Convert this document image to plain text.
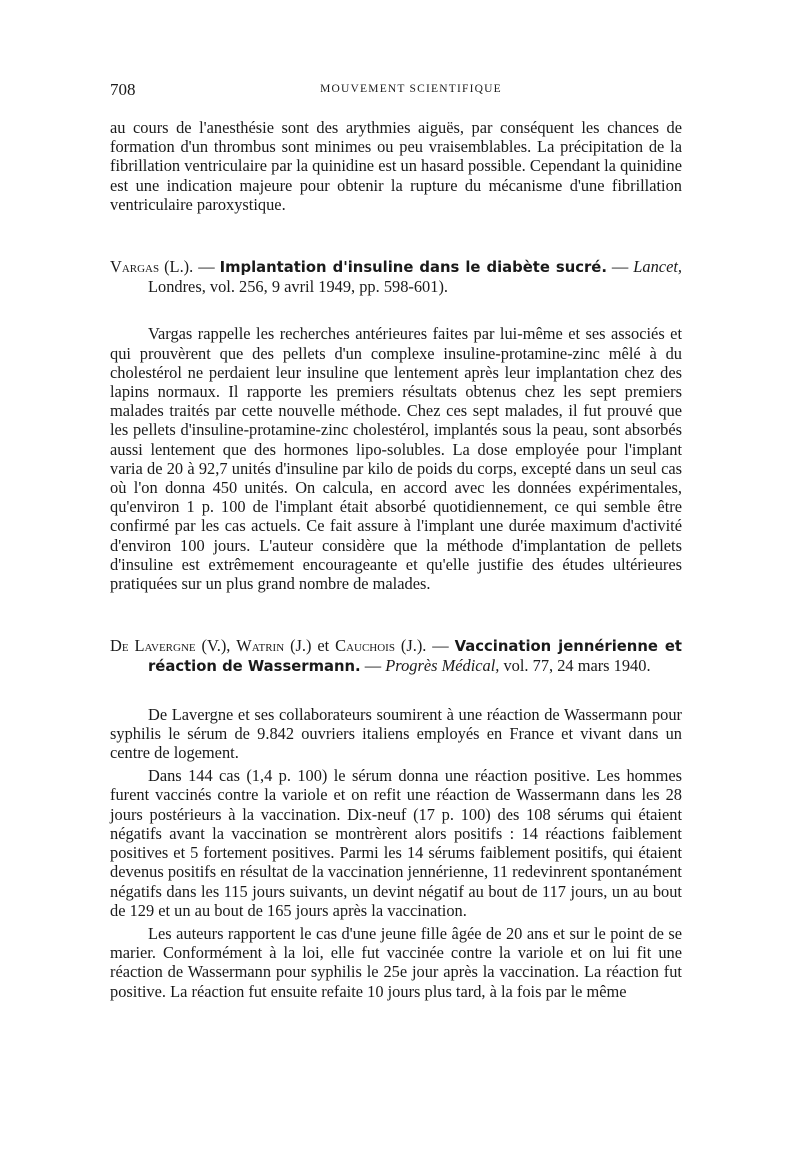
708	MOUVEMENT SCIENTIFIQUE

au cours de l'anesthésie sont des arythmies aiguës, par conséquent les chances de formation d'un thrombus sont minimes ou peu vraisemblables. La précipitation de la fibrillation ventriculaire par la quinidine est un hasard possible. Cependant la quinidine est une indication majeure pour obtenir la rupture du mécanisme d'une fibrillation ventriculaire paroxystique.

Vargas (L.). — Implantation d'insuline dans le diabète sucré. — Lancet, Londres, vol. 256, 9 avril 1949, pp. 598-601).

Vargas rappelle les recherches antérieures faites par lui-même et ses associés et qui prouvèrent que des pellets d'un complexe insuline-protamine-zinc mêlé à du cholestérol ne perdaient leur insuline que lentement après leur implantation chez des lapins normaux. Il rapporte les premiers résultats obtenus chez les sept premiers malades traités par cette nouvelle méthode. Chez ces sept malades, il fut prouvé que les pellets d'insuline-protamine-zinc cholestérol, implantés sous la peau, sont absorbés aussi lentement que des hormones lipo-solubles. La dose employée pour l'implant varia de 20 à 92,7 unités d'insuline par kilo de poids du corps, excepté dans un seul cas où l'on donna 450 unités. On calcula, en accord avec les données expérimentales, qu'environ 1 p. 100 de l'implant était absorbé quotidiennement, ce qui semble être confirmé par les cas actuels. Ce fait assure à l'implant une durée maximum d'activité d'environ 100 jours. L'auteur considère que la méthode d'implantation de pellets d'insuline est extrêmement encourageante et qu'elle justifie des études ultérieures pratiquées sur un plus grand nombre de malades.

De Lavergne (V.), Watrin (J.) et Cauchois (J.). — Vaccination jennérienne et réaction de Wassermann. — Progrès Médical, vol. 77, 24 mars 1940.

De Lavergne et ses collaborateurs soumirent à une réaction de Wassermann pour syphilis le sérum de 9.842 ouvriers italiens employés en France et vivant dans un centre de logement.

Dans 144 cas (1,4 p. 100) le sérum donna une réaction positive. Les hommes furent vaccinés contre la variole et on refit une réaction de Wassermann dans les 28 jours postérieurs à la vaccination. Dix-neuf (17 p. 100) des 108 sérums qui étaient négatifs avant la vaccination se montrèrent alors positifs : 14 réactions faiblement positives et 5 fortement positives. Parmi les 14 sérums faiblement positifs, qui étaient devenus positifs en résultat de la vaccination jennérienne, 11 redevinrent spontanément négatifs dans les 115 jours suivants, un devint négatif au bout de 117 jours, un au bout de 129 et un au bout de 165 jours après la vaccination.

Les auteurs rapportent le cas d'une jeune fille âgée de 20 ans et sur le point de se marier. Conformément à la loi, elle fut vaccinée contre la variole et on lui fit une réaction de Wassermann pour syphilis le 25e jour après la vaccination. La réaction fut positive. La réaction fut ensuite refaite 10 jours plus tard, à la fois par le même
